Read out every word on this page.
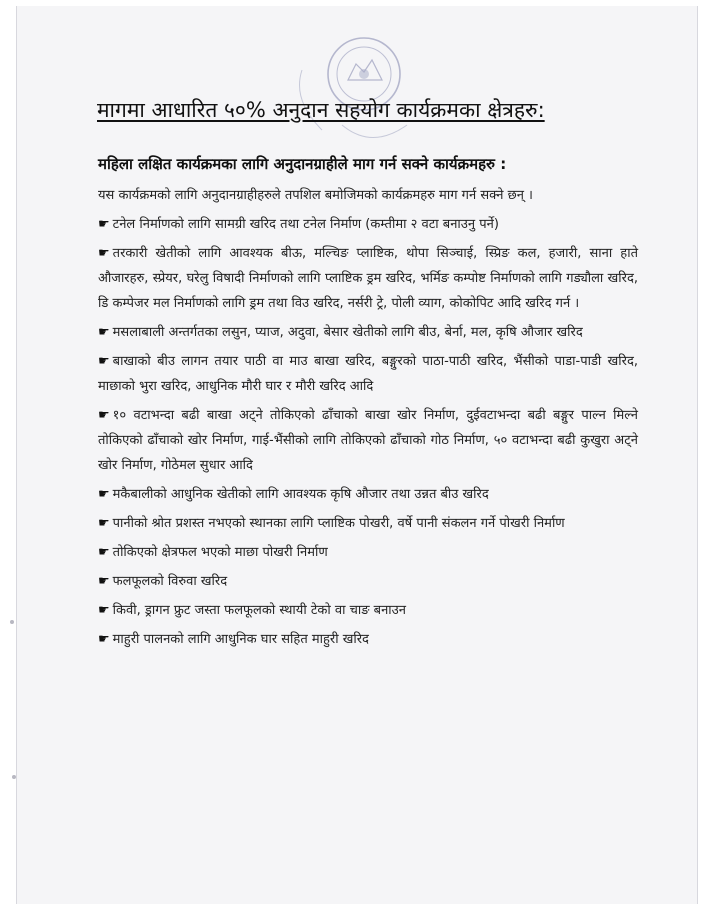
मागमा आधारित ५०% अनुदान सहयोग कार्यक्रमका क्षेत्रहरु:
महिला लक्षित कार्यक्रमका लागि अनुदानग्राहीले माग गर्न सक्ने कार्यक्रमहरु :

यस कार्यक्रमको लागि अनुदानग्राहीहरुले तपशिल बमोजिमको कार्यक्रमहरु माग गर्न सक्ने छन् ।

☛ टनेल निर्माणको लागि सामग्री खरिद तथा टनेल निर्माण (कम्तीमा २ वटा बनाउनु पर्ने)

☛ तरकारी खेतीको लागि आवश्यक बीऊ, मल्चिङ प्लाष्टिक, थोपा सिञ्चाई, स्प्रिङ कल, हजारी, साना हाते औजारहरु, स्प्रेयर, घरेलु विषादी निर्माणको लागि प्लाष्टिक ड्रम खरिद, भर्मिङ कम्पोष्ट निर्माणको लागि गड्यौला खरिद, डि कम्पेजर मल निर्माणको लागि ड्रम तथा विउ खरिद, नर्सरी ट्रे, पोली व्याग, कोकोपिट आदि खरिद गर्न ।

☛ मसलाबाली अन्तर्गतका लसुन, प्याज, अदुवा, बेसार खेतीको लागि बीउ, बेर्ना, मल, कृषि औजार खरिद

☛ बाखाको बीउ लागन तयार पाठी वा माउ बाखा खरिद, बङ्गुरको पाठा-पाठी खरिद, भैंसीको पाडा-पाडी खरिद, माछाको भुरा खरिद, आधुनिक मौरी घार र मौरी खरिद आदि

☛ १० वटाभन्दा बढी बाखा अट्ने तोकिएको ढाँचाको बाखा खोर निर्माण, दुईवटाभन्दा बढी बङ्गुर पाल्न मिल्ने तोकिएको ढाँचाको खोर निर्माण, गाई-भैंसीको लागि तोकिएको ढाँचाको गोठ निर्माण, ५० वटाभन्दा बढी कुखुरा अट्ने खोर निर्माण, गोठेमल सुधार आदि

☛ मकैबालीको आधुनिक खेतीको लागि आवश्यक कृषि औजार तथा उन्नत बीउ खरिद

☛ पानीको श्रोत प्रशस्त नभएको स्थानका लागि प्लाष्टिक पोखरी, वर्षे पानी संकलन गर्ने पोखरी निर्माण

☛ तोकिएको क्षेत्रफल भएको माछा पोखरी निर्माण

☛ फलफूलको विरुवा खरिद

☛ किवी, ड्रागन फ्रुट जस्ता फलफूलको स्थायी टेको वा चाङ बनाउन

☛ माहुरी पालनको लागि आधुनिक घार सहित माहुरी खरिद
